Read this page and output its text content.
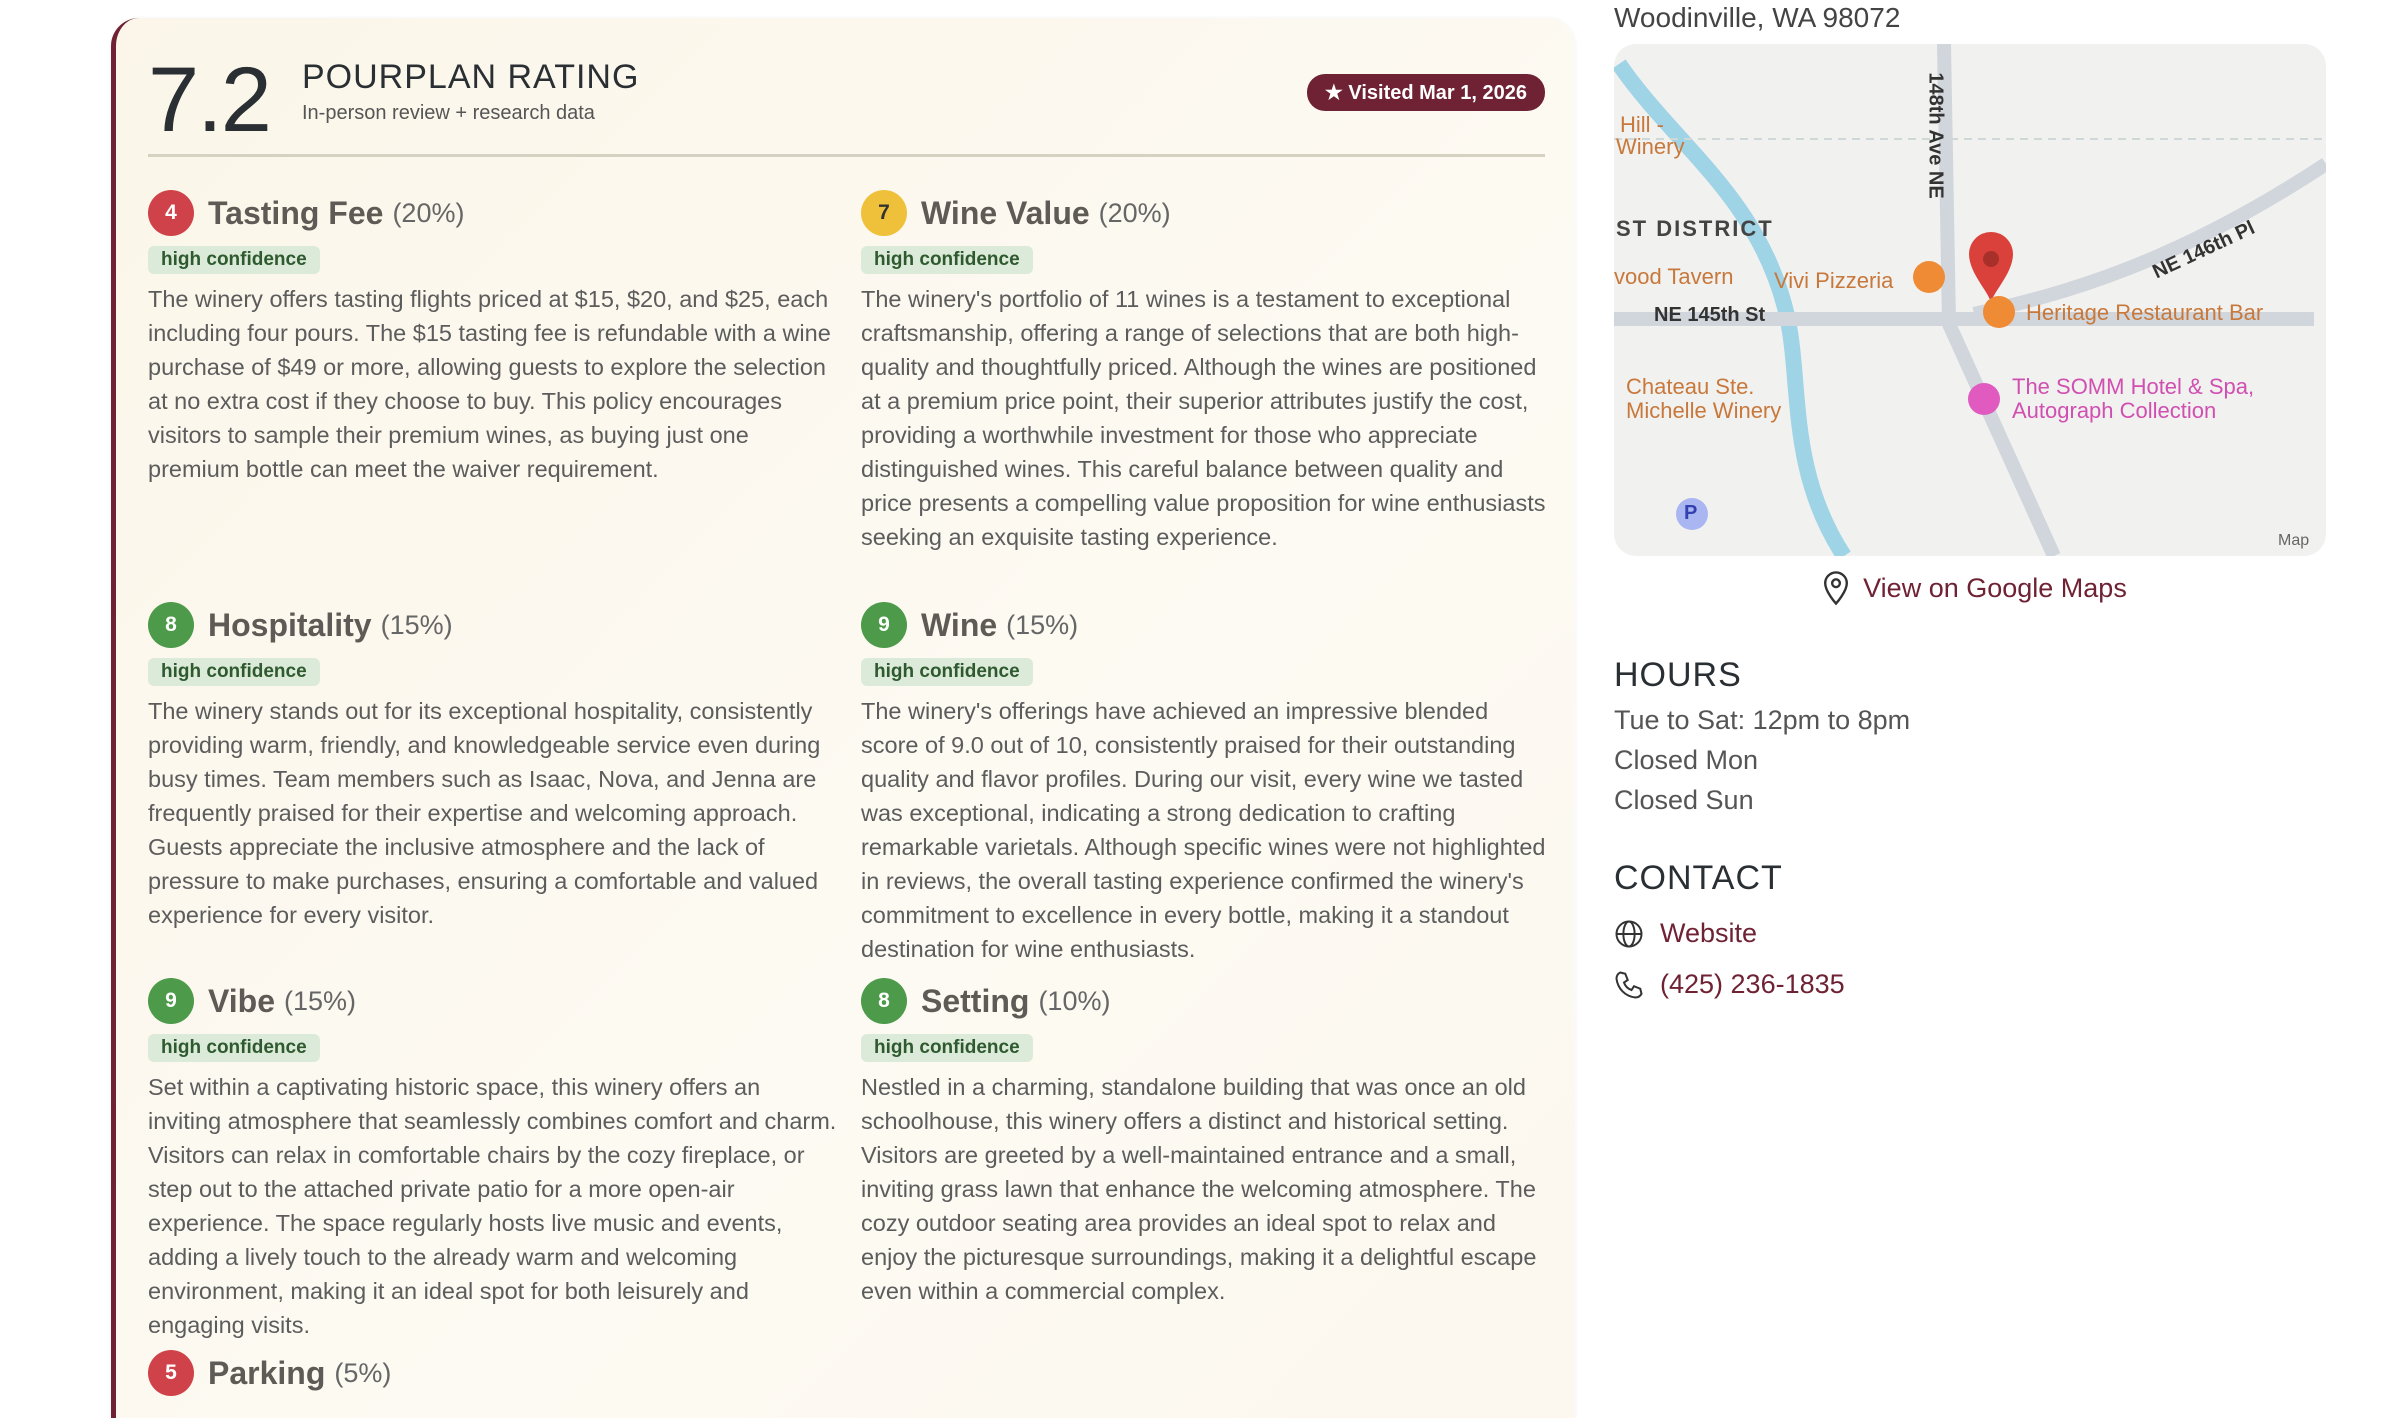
7.2 POURPLAN RATING
In-person review + research data
★ Visited Mar 1, 2026
4 Tasting Fee (20%)
high confidence
The winery offers tasting flights priced at $15, $20, and $25, each including four pours. The $15 tasting fee is refundable with a wine purchase of $49 or more, allowing guests to explore the selection at no extra cost if they choose to buy. This policy encourages visitors to sample their premium wines, as buying just one premium bottle can meet the waiver requirement.
7 Wine Value (20%)
high confidence
The winery's portfolio of 11 wines is a testament to exceptional craftsmanship, offering a range of selections that are both high-quality and thoughtfully priced. Although the wines are positioned at a premium price point, their superior attributes justify the cost, providing a worthwhile investment for those who appreciate distinguished wines. This careful balance between quality and price presents a compelling value proposition for wine enthusiasts seeking an exquisite tasting experience.
8 Hospitality (15%)
high confidence
The winery stands out for its exceptional hospitality, consistently providing warm, friendly, and knowledgeable service even during busy times. Team members such as Isaac, Nova, and Jenna are frequently praised for their expertise and welcoming approach. Guests appreciate the inclusive atmosphere and the lack of pressure to make purchases, ensuring a comfortable and valued experience for every visitor.
9 Wine (15%)
high confidence
The winery's offerings have achieved an impressive blended score of 9.0 out of 10, consistently praised for their outstanding quality and flavor profiles. During our visit, every wine we tasted was exceptional, indicating a strong dedication to crafting remarkable varietals. Although specific wines were not highlighted in reviews, the overall tasting experience confirmed the winery's commitment to excellence in every bottle, making it a standout destination for wine enthusiasts.
9 Vibe (15%)
high confidence
Set within a captivating historic space, this winery offers an inviting atmosphere that seamlessly combines comfort and charm. Visitors can relax in comfortable chairs by the cozy fireplace, or step out to the attached private patio for a more open-air experience. The space regularly hosts live music and events, adding a lively touch to the already warm and welcoming environment, making it an ideal spot for both leisurely and engaging visits.
8 Setting (10%)
high confidence
Nestled in a charming, standalone building that was once an old schoolhouse, this winery offers a distinct and historical setting. Visitors are greeted by a well-maintained entrance and a small, inviting grass lawn that enhance the welcoming atmosphere. The cozy outdoor seating area provides an ideal spot to relax and enjoy the picturesque surroundings, making it a delightful escape even within a commercial complex.
5 Parking (5%)
Woodinville, WA 98072
Hill -
Winery
ST DISTRICT
vood Tavern Vivi Pizzeria
NE 145th St
148th Ave NE
NE 146th Pl
Heritage Restaurant Bar
Chateau Ste.
Michelle Winery
The SOMM Hotel & Spa,
Autograph Collection
P
Map
View on Google Maps
HOURS
Tue to Sat: 12pm to 8pm
Closed Mon
Closed Sun
CONTACT
Website
(425) 236-1835
